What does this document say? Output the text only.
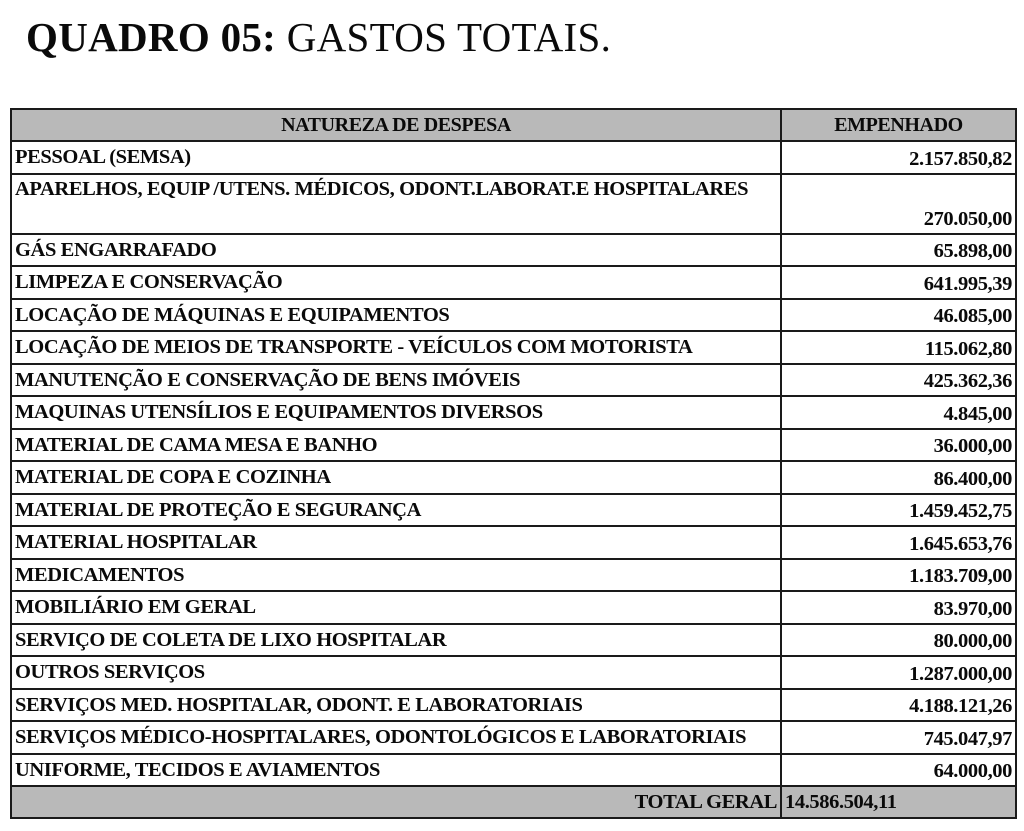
QUADRO 05: GASTOS TOTAIS.
NATUREZA DE DESPESA	EMPENHADO
PESSOAL (SEMSA)	2.157.850,82
APARELHOS, EQUIP /UTENS. MÉDICOS, ODONT.LABORAT.E HOSPITALARES	270.050,00
GÁS ENGARRAFADO	65.898,00
LIMPEZA E CONSERVAÇÃO	641.995,39
LOCAÇÃO DE MÁQUINAS E EQUIPAMENTOS	46.085,00
LOCAÇÃO DE MEIOS DE TRANSPORTE - VEÍCULOS COM MOTORISTA	115.062,80
MANUTENÇÃO E CONSERVAÇÃO DE BENS IMÓVEIS	425.362,36
MAQUINAS UTENSÍLIOS E EQUIPAMENTOS DIVERSOS	4.845,00
MATERIAL DE CAMA MESA E BANHO	36.000,00
MATERIAL DE COPA E COZINHA	86.400,00
MATERIAL DE PROTEÇÃO E SEGURANÇA	1.459.452,75
MATERIAL HOSPITALAR	1.645.653,76
MEDICAMENTOS	1.183.709,00
MOBILIÁRIO EM GERAL	83.970,00
SERVIÇO DE COLETA DE LIXO HOSPITALAR	80.000,00
OUTROS SERVIÇOS	1.287.000,00
SERVIÇOS MED. HOSPITALAR, ODONT. E LABORATORIAIS	4.188.121,26
SERVIÇOS MÉDICO-HOSPITALARES, ODONTOLÓGICOS E LABORATORIAIS	745.047,97
UNIFORME, TECIDOS E AVIAMENTOS	64.000,00
TOTAL GERAL	14.586.504,11
